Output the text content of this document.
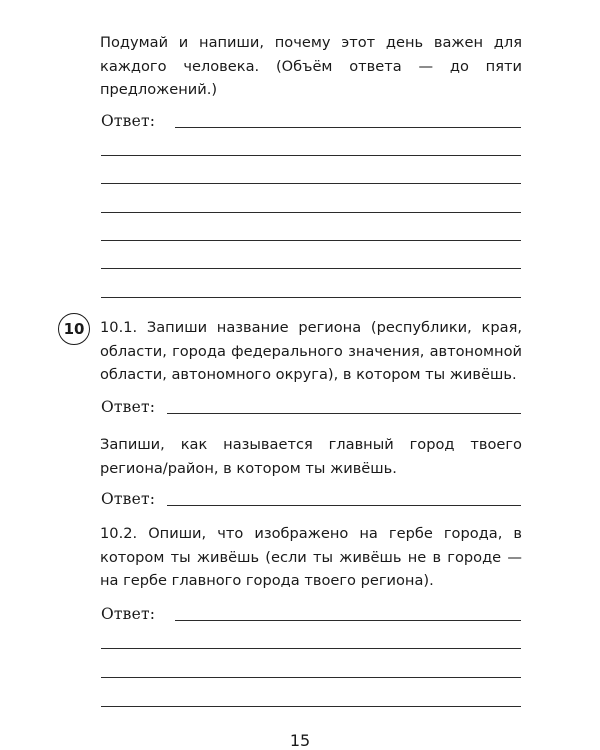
Подумай и напиши, почему этот день важен для каждого человека. (Объём ответа — до пяти предложений.)

Ответ:
10	10.1. Запиши название региона (республики, края, области, города федерального значения, автономной области, автономного округа), в котором ты живёшь.

Ответ:

Запиши, как называется главный город твоего региона/район, в котором ты живёшь.

Ответ:

10.2. Опиши, что изображено на гербе города, в котором ты живёшь (если ты живёшь не в городе — на гербе главного города твоего региона).

Ответ:
15
